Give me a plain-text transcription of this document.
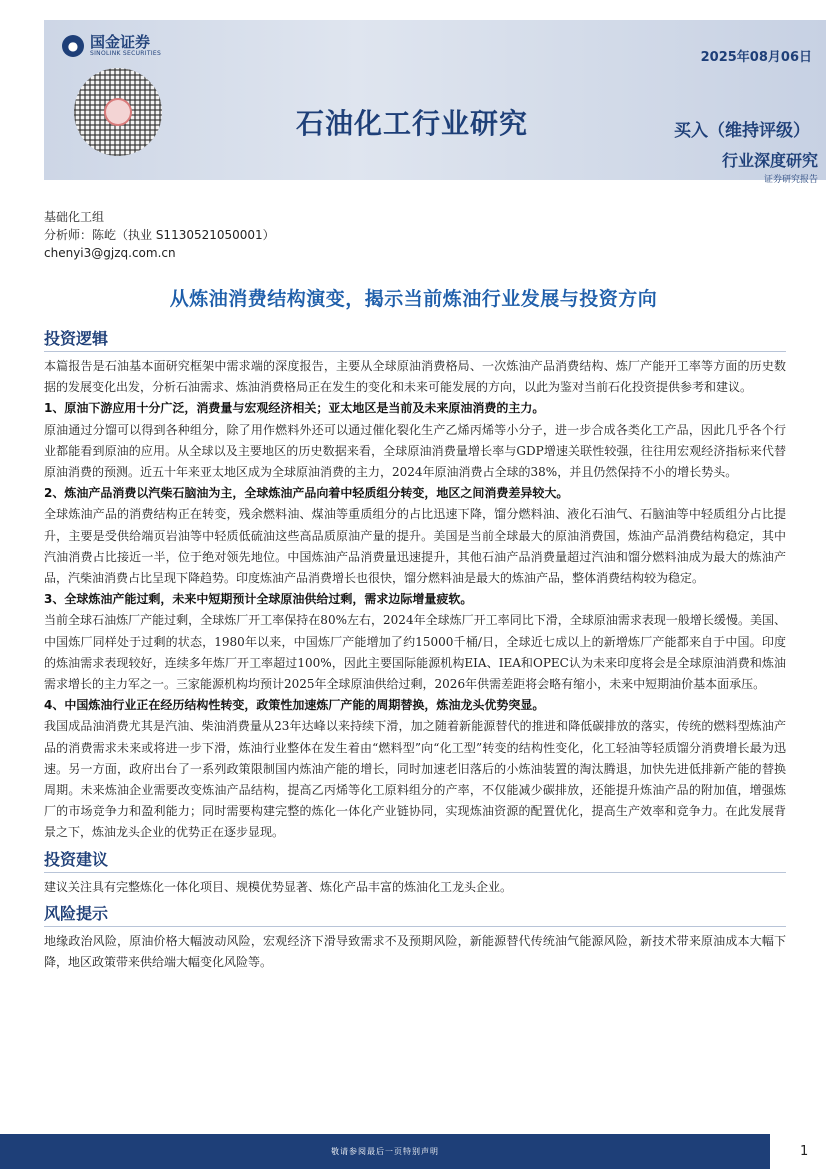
● 国金证券
SINOLINK SECURITIES
石油化工行业研究
2025年08月06日
买入（维持评级）
行业深度研究
证券研究报告
基础化工组
分析师：陈屹（执业 S1130521050001）
chenyi3@gjzq.com.cn
从炼油消费结构演变，揭示当前炼油行业发展与投资方向
投资逻辑

本篇报告是石油基本面研究框架中需求端的深度报告，主要从全球原油消费格局、一次炼油产品消费结构、炼厂产能开工率等方面的历史数据的发展变化出发，分析石油需求、炼油消费格局正在发生的变化和未来可能发展的方向，以此为鉴对当前石化投资提供参考和建议。

1、原油下游应用十分广泛，消费量与宏观经济相关；亚太地区是当前及未来原油消费的主力。

原油通过分馏可以得到各种组分，除了用作燃料外还可以通过催化裂化生产乙烯丙烯等小分子，进一步合成各类化工产品，因此几乎各个行业都能看到原油的应用。从全球以及主要地区的历史数据来看，全球原油消费量增长率与GDP增速关联性较强，往往用宏观经济指标来代替原油消费的预测。近五十年来亚太地区成为全球原油消费的主力，2024年原油消费占全球的38%，并且仍然保持不小的增长势头。

2、炼油产品消费以汽柴石脑油为主，全球炼油产品向着中轻质组分转变，地区之间消费差异较大。

全球炼油产品的消费结构正在转变，残余燃料油、煤油等重质组分的占比迅速下降，馏分燃料油、液化石油气、石脑油等中轻质组分占比提升，主要是受供给端页岩油等中轻质低硫油这些高品质原油产量的提升。美国是当前全球最大的原油消费国，炼油产品消费结构稳定，其中汽油消费占比接近一半，位于绝对领先地位。中国炼油产品消费量迅速提升，其他石油产品消费量超过汽油和馏分燃料油成为最大的炼油产品，汽柴油消费占比呈现下降趋势。印度炼油产品消费增长也很快，馏分燃料油是最大的炼油产品，整体消费结构较为稳定。

3、全球炼油产能过剩，未来中短期预计全球原油供给过剩，需求边际增量疲软。

当前全球石油炼厂产能过剩，全球炼厂开工率保持在80%左右，2024年全球炼厂开工率同比下滑，全球原油需求表现一般增长缓慢。美国、中国炼厂同样处于过剩的状态，1980年以来，中国炼厂产能增加了约15000千桶/日，全球近七成以上的新增炼厂产能都来自于中国。印度的炼油需求表现较好，连续多年炼厂开工率超过100%，因此主要国际能源机构EIA、IEA和OPEC认为未来印度将会是全球原油消费和炼油需求增长的主力军之一。三家能源机构均预计2025年全球原油供给过剩，2026年供需差距将会略有缩小，未来中短期油价基本面承压。

4、中国炼油行业正在经历结构性转变，政策性加速炼厂产能的周期替换，炼油龙头优势突显。

我国成品油消费尤其是汽油、柴油消费量从23年达峰以来持续下滑，加之随着新能源替代的推进和降低碳排放的落实，传统的燃料型炼油产品的消费需求未来或将进一步下滑，炼油行业整体在发生着由“燃料型”向“化工型”转变的结构性变化，化工轻油等轻质馏分消费增长最为迅速。另一方面，政府出台了一系列政策限制国内炼油产能的增长，同时加速老旧落后的小炼油装置的淘汰腾退，加快先进低排新产能的替换周期。未来炼油企业需要改变炼油产品结构，提高乙丙烯等化工原料组分的产率，不仅能减少碳排放，还能提升炼油产品的附加值，增强炼厂的市场竞争力和盈利能力；同时需要构建完整的炼化一体化产业链协同，实现炼油资源的配置优化，提高生产效率和竞争力。在此发展背景之下，炼油龙头企业的优势正在逐步显现。

投资建议

建议关注具有完整炼化一体化项目、规模优势显著、炼化产品丰富的炼油化工龙头企业。

风险提示

地缘政治风险，原油价格大幅波动风险，宏观经济下滑导致需求不及预期风险，新能源替代传统油气能源风险，新技术带来原油成本大幅下降，地区政策带来供给端大幅变化风险等。

敬请参阅最后一页特别声明	1
